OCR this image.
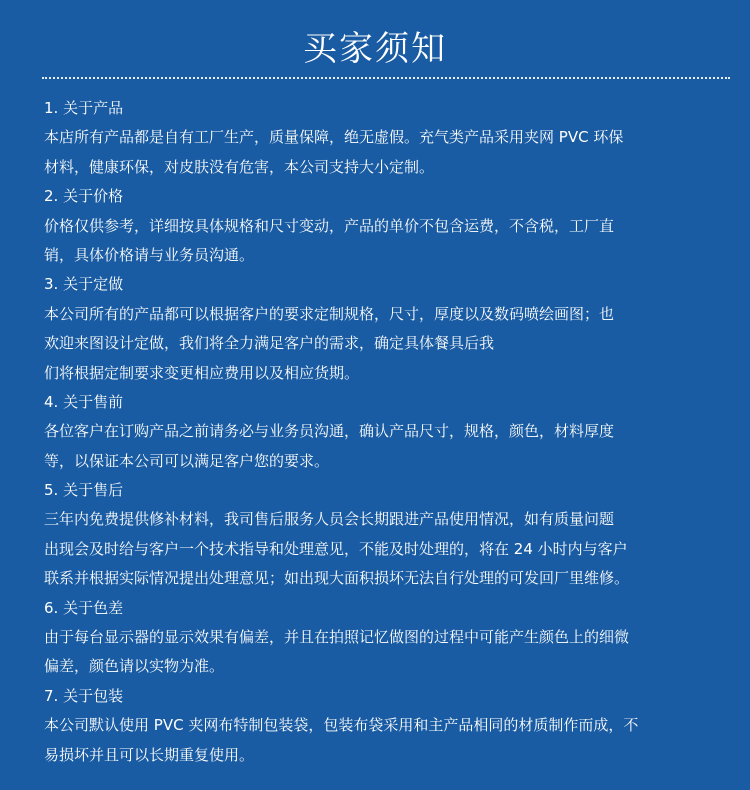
买家须知
1. 关于产品
本店所有产品都是自有工厂生产，质量保障，绝无虚假。充气类产品采用夹网 PVC 环保
材料，健康环保，对皮肤没有危害，本公司支持大小定制。
2. 关于价格
价格仅供参考，详细按具体规格和尺寸变动，产品的单价不包含运费，不含税，工厂直
销，具体价格请与业务员沟通。
3. 关于定做
本公司所有的产品都可以根据客户的要求定制规格，尺寸，厚度以及数码喷绘画图；也
欢迎来图设计定做，我们将全力满足客户的需求，确定具体餐具后我
们将根据定制要求变更相应费用以及相应货期。
4. 关于售前
各位客户在订购产品之前请务必与业务员沟通，确认产品尺寸，规格，颜色，材料厚度
等，以保证本公司可以满足客户您的要求。
5. 关于售后
三年内免费提供修补材料，我司售后服务人员会长期跟进产品使用情况，如有质量问题
出现会及时给与客户一个技术指导和处理意见，不能及时处理的，将在 24 小时内与客户
联系并根据实际情况提出处理意见；如出现大面积损坏无法自行处理的可发回厂里维修。
6. 关于色差
由于每台显示器的显示效果有偏差，并且在拍照记忆做图的过程中可能产生颜色上的细微
偏差，颜色请以实物为准。
7. 关于包装
本公司默认使用 PVC 夹网布特制包装袋，包装布袋采用和主产品相同的材质制作而成，不
易损坏并且可以长期重复使用。
